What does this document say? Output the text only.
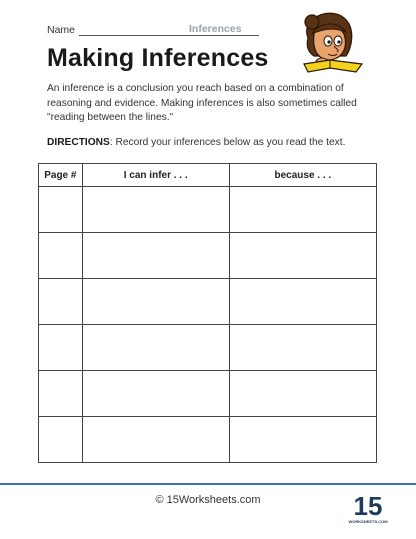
Name	Inferences
Making Inferences

An inference is a conclusion you reach based on a combination of reasoning and evidence. Making inferences is also sometimes called "reading between the lines."

DIRECTIONS: Record your inferences below as you read the text.

Page #	I can infer . . .	because . . .

© 15Worksheets.com	15
WORKSHEETS.COM
